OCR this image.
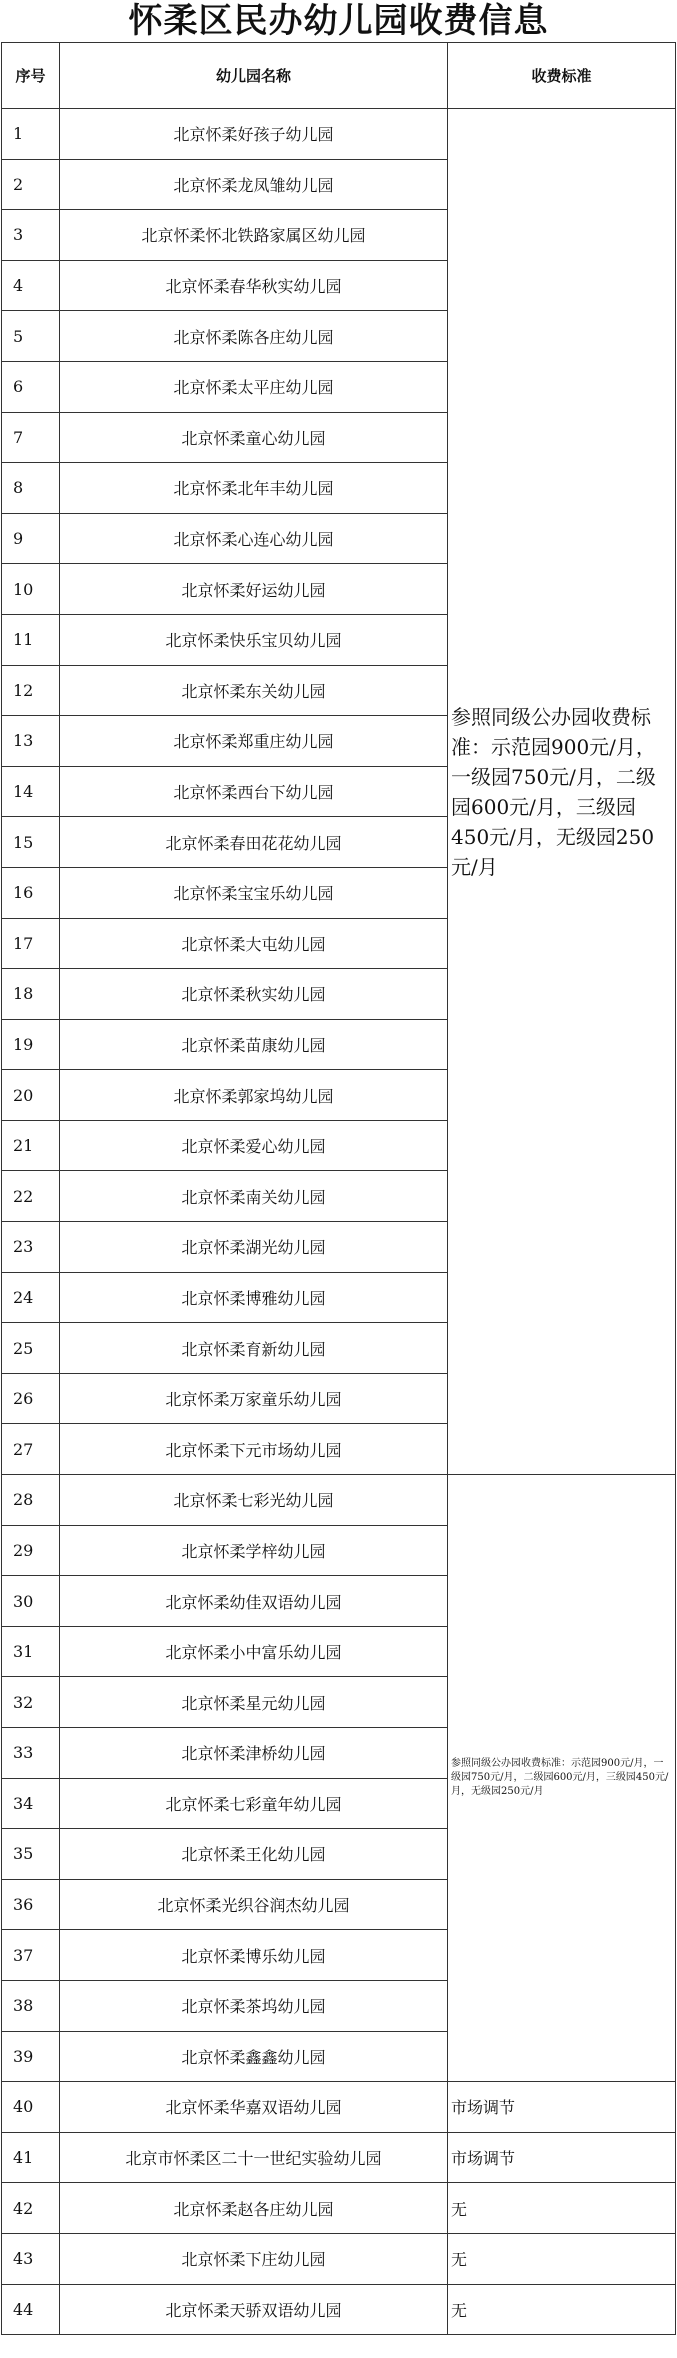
怀柔区民办幼儿园收费信息
序号	幼儿园名称	收费标准
1	北京怀柔好孩子幼儿园	参照同级公办园收费标准：示范园900元/月，一级园750元/月，二级园600元/月，三级园450元/月，无级园250元/月
2	北京怀柔龙凤雏幼儿园	
3	北京怀柔怀北铁路家属区幼儿园	
4	北京怀柔春华秋实幼儿园	
5	北京怀柔陈各庄幼儿园	
6	北京怀柔太平庄幼儿园	
7	北京怀柔童心幼儿园	
8	北京怀柔北年丰幼儿园	
9	北京怀柔心连心幼儿园	
10	北京怀柔好运幼儿园	
11	北京怀柔快乐宝贝幼儿园	
12	北京怀柔东关幼儿园	
13	北京怀柔郑重庄幼儿园	
14	北京怀柔西台下幼儿园	
15	北京怀柔春田花花幼儿园	
16	北京怀柔宝宝乐幼儿园	
17	北京怀柔大屯幼儿园	
18	北京怀柔秋实幼儿园	
19	北京怀柔苗康幼儿园	
20	北京怀柔郭家坞幼儿园	
21	北京怀柔爱心幼儿园	
22	北京怀柔南关幼儿园	
23	北京怀柔湖光幼儿园	
24	北京怀柔博雅幼儿园	
25	北京怀柔育新幼儿园	
26	北京怀柔万家童乐幼儿园	
27	北京怀柔下元市场幼儿园	
28	北京怀柔七彩光幼儿园	参照同级公办园收费标准：示范园900元/月，一级园750元/月，二级园600元/月，三级园450元/月，无级园250元/月
29	北京怀柔学梓幼儿园	
30	北京怀柔幼佳双语幼儿园	
31	北京怀柔小中富乐幼儿园	
32	北京怀柔星元幼儿园	
33	北京怀柔津桥幼儿园	
34	北京怀柔七彩童年幼儿园	
35	北京怀柔王化幼儿园	
36	北京怀柔光织谷润杰幼儿园	
37	北京怀柔博乐幼儿园	
38	北京怀柔茶坞幼儿园	
39	北京怀柔鑫鑫幼儿园	
40	北京怀柔华嘉双语幼儿园	市场调节
41	北京市怀柔区二十一世纪实验幼儿园	市场调节
42	北京怀柔赵各庄幼儿园	无
43	北京怀柔下庄幼儿园	无
44	北京怀柔天骄双语幼儿园	无
